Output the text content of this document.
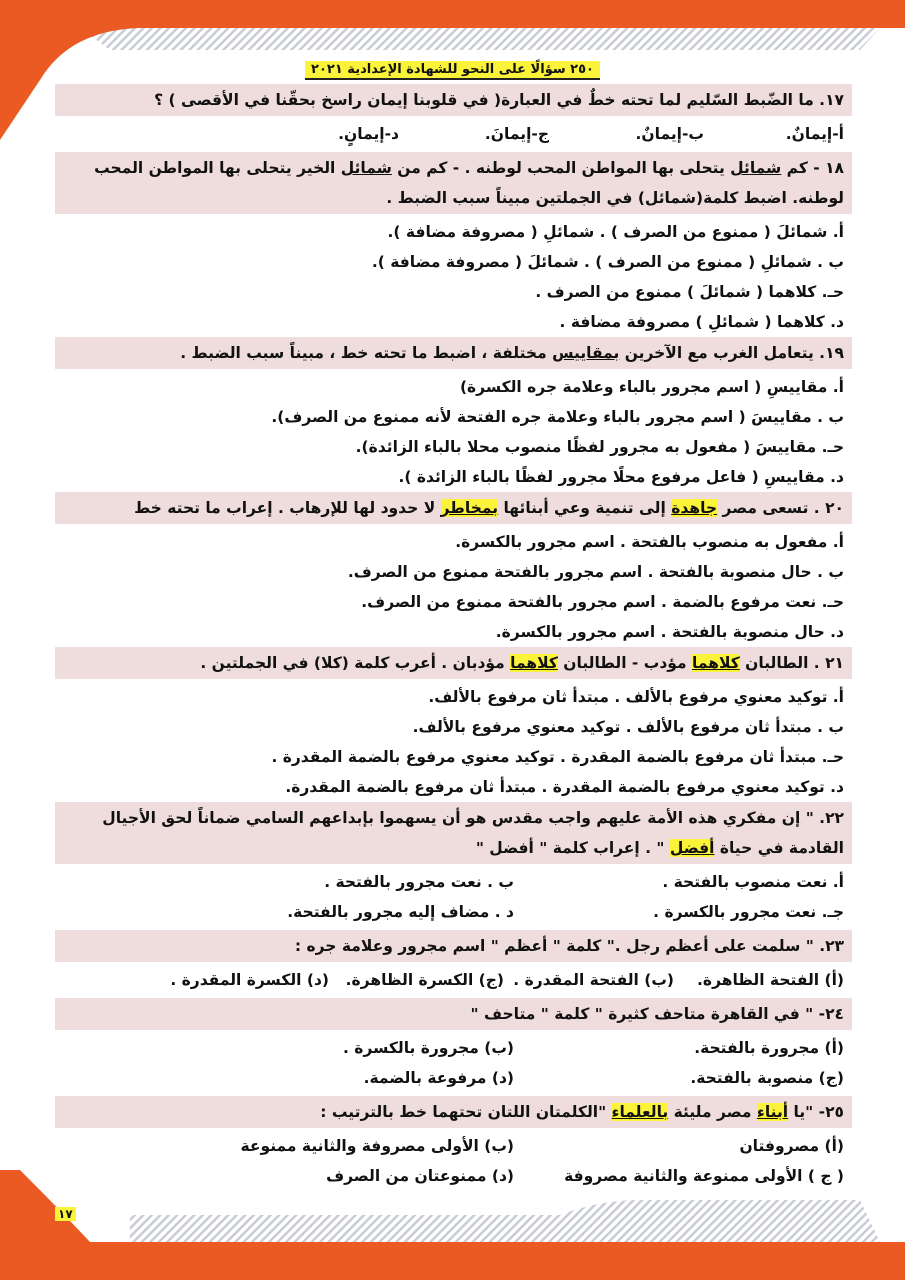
٢٥٠ سؤالًا على النحو للشهادة الإعدادية ٢٠٢١
١٧. ما الضّبط السّليم لما تحته خطٌ في العبارة( في قلوبنا إيمان راسخ بحقّنا في الأقصى ) ؟
أ-إيمانٌ.
ب-إيمانٌ.
ج-إيمانَ.
د-إيمانٍ.
١٨ - كم شمائل يتحلى بها المواطن المحب لوطنه . - كم من شمائل الخير يتحلى بها المواطن المحب لوطنه. اضبط كلمة(شمائل) في الجملتين مبيناً سبب الضبط .
أ. شمائلَ ( ممنوع من الصرف ) . شمائلِ ( مصروفة مضافة ).
ب . شمائلِ ( ممنوع من الصرف ) . شمائلَ ( مصروفة مضافة ).
حـ. كلاهما ( شمائلَ ) ممنوع من الصرف .
د. كلاهما ( شمائلِ ) مصروفة مضافة .
١٩. يتعامل الغرب مع الآخرين بمقاييس مختلفة ، اضبط ما تحته خط ، مبيناً سبب الضبط .
أ. مقاييسِ ( اسم مجرور بالباء وعلامة جره الكسرة)
ب . مقاييسَ ( اسم مجرور بالباء وعلامة جره الفتحة لأنه ممنوع من الصرف).
حـ. مقاييسَ ( مفعول به مجرور لفظًا منصوب محلا بالباء الزائدة).
د. مقاييسِ ( فاعل مرفوع محلًا مجرور لفظًا بالباء الزائدة ).
٢٠ . تسعى مصر جاهدة إلى تنمية وعي أبنائها بمخاطر لا حدود لها للإرهاب . إعراب ما تحته خط
أ. مفعول به منصوب بالفتحة . اسم مجرور بالكسرة.
ب . حال منصوبة بالفتحة . اسم مجرور بالفتحة ممنوع من الصرف.
حـ. نعت مرفوع بالضمة . اسم مجرور بالفتحة ممنوع من الصرف.
د. حال منصوبة بالفتحة . اسم مجرور بالكسرة.
٢١ . الطالبان كلاهما مؤدب - الطالبان كلاهما مؤدبان . أعرب كلمة (كلا) في الجملتين .
أ. توكيد معنوي مرفوع بالألف . مبتدأ ثان مرفوع بالألف.
ب . مبتدأ ثان مرفوع بالألف . توكيد معنوي مرفوع بالألف.
حـ. مبتدأ ثان مرفوع بالضمة المقدرة . توكيد معنوي مرفوع بالضمة المقدرة .
د. توكيد معنوي مرفوع بالضمة المقدرة . مبتدأ ثان مرفوع بالضمة المقدرة.
٢٢. " إن مفكري هذه الأمة عليهم واجب مقدس هو أن يسهموا بإبداعهم السامي ضماناً لحق الأجيال القادمة في حياة أفضل " . إعراب كلمة " أفضل "
أ. نعت منصوب بالفتحة .
ب . نعت مجرور بالفتحة .
جـ. نعت مجرور بالكسرة .
د . مضاف إليه مجرور بالفتحة.
٢٣. " سلمت على أعظم رجل ." كلمة " أعظم " اسم مجرور وعلامة جره :
(أ) الفتحة الظاهرة.
(ب) الفتحة المقدرة .
(ج) الكسرة الظاهرة.
(د) الكسرة المقدرة .
٢٤- " في القاهرة متاحف كثيرة " كلمة " متاحف "
(أ) مجرورة بالفتحة.
(ب) مجرورة بالكسرة .
(ج) منصوبة بالفتحة.
(د) مرفوعة بالضمة.
٢٥- "يا أبناء مصر مليئة بالعلماء "الكلمتان اللتان تحتهما خط بالترتيب :
(أ) مصروفتان
(ب) الأولى مصروفة والثانية ممنوعة
( ج ) الأولى ممنوعة والثانية مصروفة
(د) ممنوعتان من الصرف
١٧
